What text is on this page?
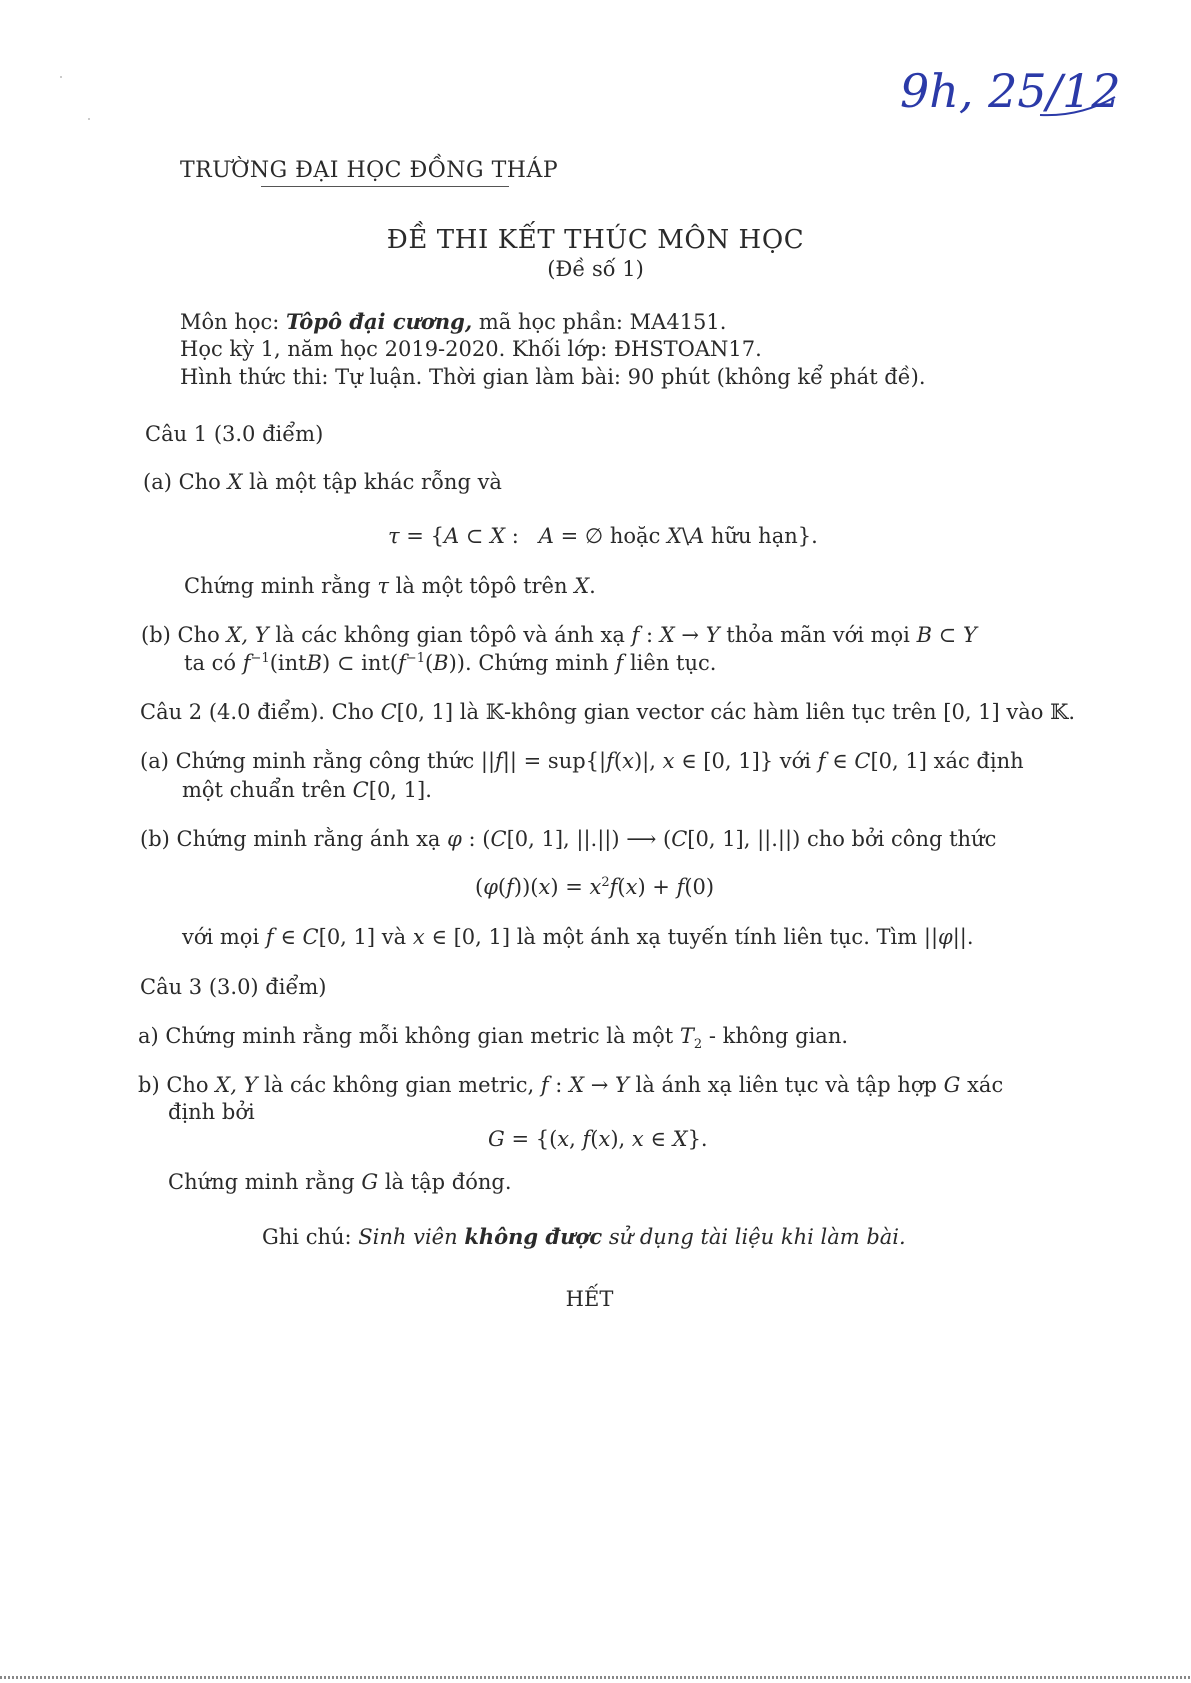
9h, 25/12
TRƯỜNG ĐẠI HỌC ĐỒNG THÁP
ĐỀ THI KẾT THÚC MÔN HỌC
(Đề số 1)
Môn học: Tôpô đại cương, mã học phần: MA4151.
Học kỳ 1, năm học 2019-2020. Khối lớp: ĐHSTOAN17.
Hình thức thi: Tự luận. Thời gian làm bài: 90 phút (không kể phát đề).
Câu 1 (3.0 điểm)
(a) Cho X là một tập khác rỗng và
τ = {A ⊂ X :   A = ∅ hoặc X\A hữu hạn}.
Chứng minh rằng τ là một tôpô trên X.
(b) Cho X, Y là các không gian tôpô và ánh xạ f : X → Y thỏa mãn với mọi B ⊂ Y
ta có $f^{-1}(intB)$ ⊂ $int(f^{-1}(B))$. Chứng minh f liên tục.
Câu 2 (4.0 điểm). Cho C[0, 1] là 𝕂-không gian vector các hàm liên tục trên [0, 1] vào 𝕂.
(a) Chứng minh rằng công thức ||f|| = sup{|f(x)|, x ∈ [0, 1]} với f ∈ C[0, 1] xác định
một chuẩn trên C[0, 1].
(b) Chứng minh rằng ánh xạ φ : (C[0, 1], ||.||) ⟶ (C[0, 1], ||.||) cho bởi công thức
$(\varphi(f))(x) = x^2f(x) + f(0)$
với mọi f ∈ C[0, 1] và x ∈ [0, 1] là một ánh xạ tuyến tính liên tục. Tìm ||φ||.
Câu 3 (3.0) điểm)
a) Chứng minh rằng mỗi không gian metric là một $T_2$ - không gian.
b) Cho X, Y là các không gian metric, f : X → Y là ánh xạ liên tục và tập hợp G xác
định bởi
G = {(x, f(x), x ∈ X}.
Chứng minh rằng G là tập đóng.
Ghi chú: Sinh viên không được sử dụng tài liệu khi làm bài.
HẾT
